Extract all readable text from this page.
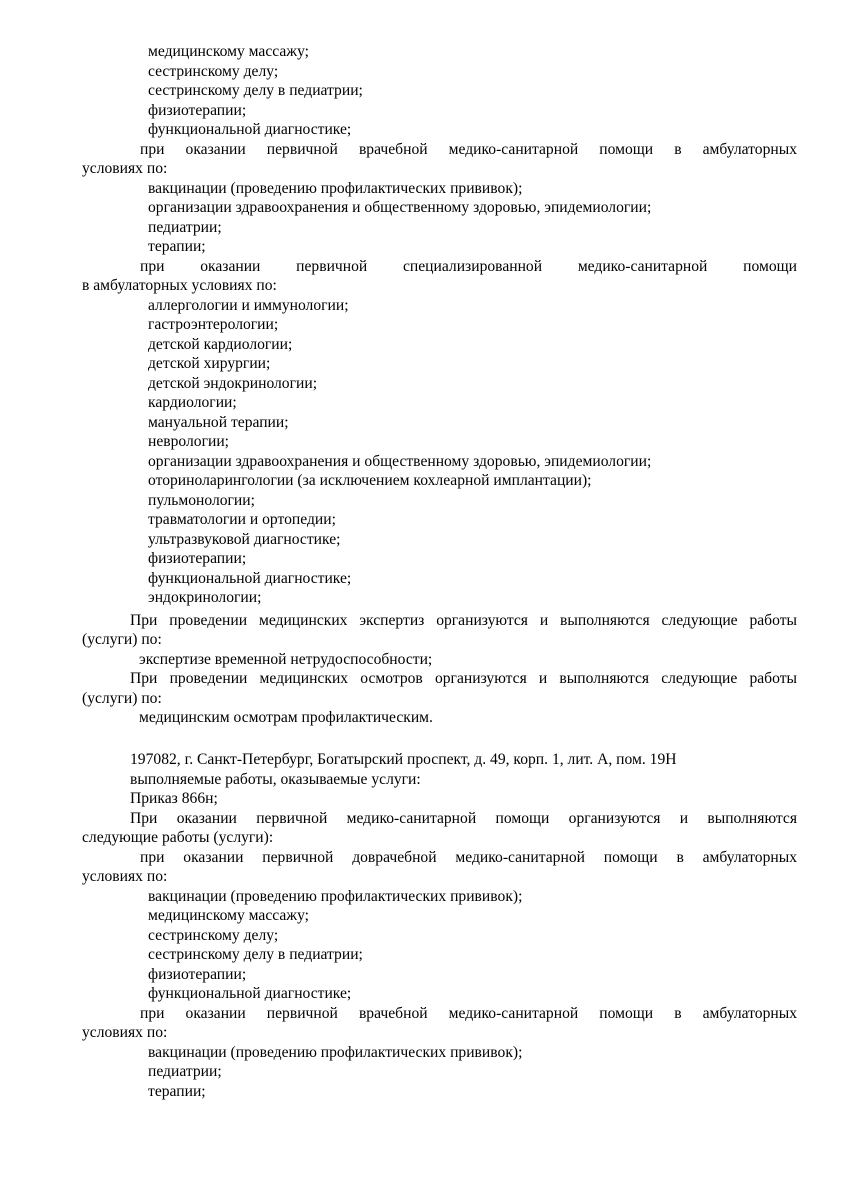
медицинскому массажу;
сестринскому делу;
сестринскому делу в педиатрии;
физиотерапии;
функциональной диагностике;
при оказании первичной врачебной медико-санитарной помощи в амбулаторных
условиях по:
вакцинации (проведению профилактических прививок);
организации здравоохранения и общественному здоровью, эпидемиологии;
педиатрии;
терапии;
при оказании первичной специализированной медико-санитарной помощи
в амбулаторных условиях по:
аллергологии и иммунологии;
гастроэнтерологии;
детской кардиологии;
детской хирургии;
детской эндокринологии;
кардиологии;
мануальной терапии;
неврологии;
организации здравоохранения и общественному здоровью, эпидемиологии;
оториноларингологии (за исключением кохлеарной имплантации);
пульмонологии;
травматологии и ортопедии;
ультразвуковой диагностике;
физиотерапии;
функциональной диагностике;
эндокринологии;
При проведении медицинских экспертиз организуются и выполняются следующие работы
(услуги) по:
экспертизе временной нетрудоспособности;
При проведении медицинских осмотров организуются и выполняются следующие работы
(услуги) по:
медицинским осмотрам профилактическим.
197082, г. Санкт-Петербург, Богатырский проспект, д. 49, корп. 1, лит. А, пом. 19Н
выполняемые работы, оказываемые услуги:
Приказ 866н;
При оказании первичной медико-санитарной помощи организуются и выполняются
следующие работы (услуги):
при оказании первичной доврачебной медико-санитарной помощи в амбулаторных
условиях по:
вакцинации (проведению профилактических прививок);
медицинскому массажу;
сестринскому делу;
сестринскому делу в педиатрии;
физиотерапии;
функциональной диагностике;
при оказании первичной врачебной медико-санитарной помощи в амбулаторных
условиях по:
вакцинации (проведению профилактических прививок);
педиатрии;
терапии;
